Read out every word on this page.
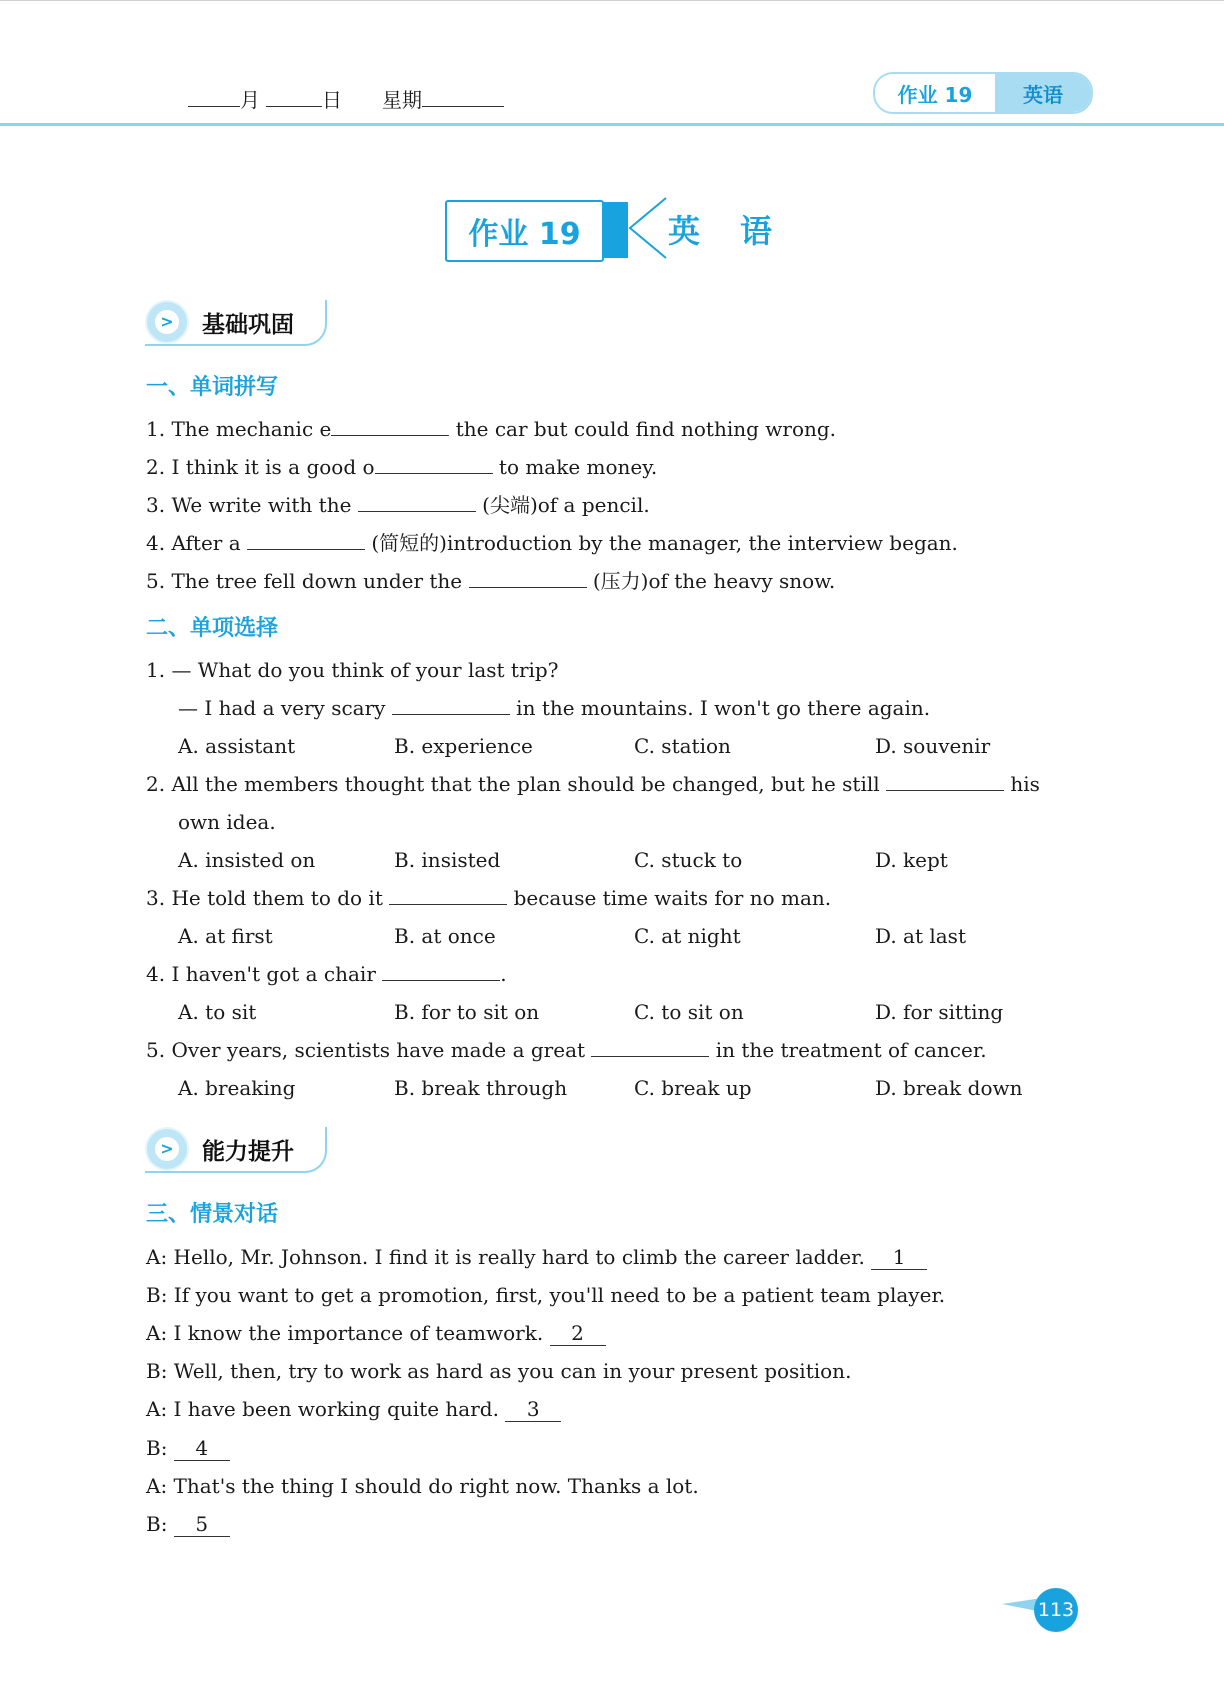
月	日 星期	作业 19	英语
作业 19	英语
> 基础巩固
一、单词拼写
1. The mechanic e	the car but could find nothing wrong.
2. I think it is a good o	to make money.
3. We write with the	(尖端)of a pencil.
4. After a	(简短的)introduction by the manager, the interview began.
5. The tree fell down under the	(压力)of the heavy snow.
二、单项选择
1. — What do you think of your last trip?
— I had a very scary	in the mountains. I won't go there again.
A. assistant	B. experience	C. station	D. souvenir
2. All the members thought that the plan should be changed, but he still	his
own idea.
A. insisted on	B. insisted	C. stuck to	D. kept
3. He told them to do it	because time waits for no man.
A. at first	B. at once	C. at night	D. at last
4. I haven't got a chair	.
A. to sit	B. for to sit on	C. to sit on	D. for sitting
5. Over years, scientists have made a great	in the treatment of cancer.
A. breaking	B. break through	C. break up	D. break down
> 能力提升
三、情景对话
A: Hello, Mr. Johnson. I find it is really hard to climb the career ladder. 1
B: If you want to get a promotion, first, you'll need to be a patient team player.
A: I know the importance of teamwork. 2
B: Well, then, try to work as hard as you can in your present position.
A: I have been working quite hard. 3
B: 4
A: That's the thing I should do right now. Thanks a lot.
B: 5
113
